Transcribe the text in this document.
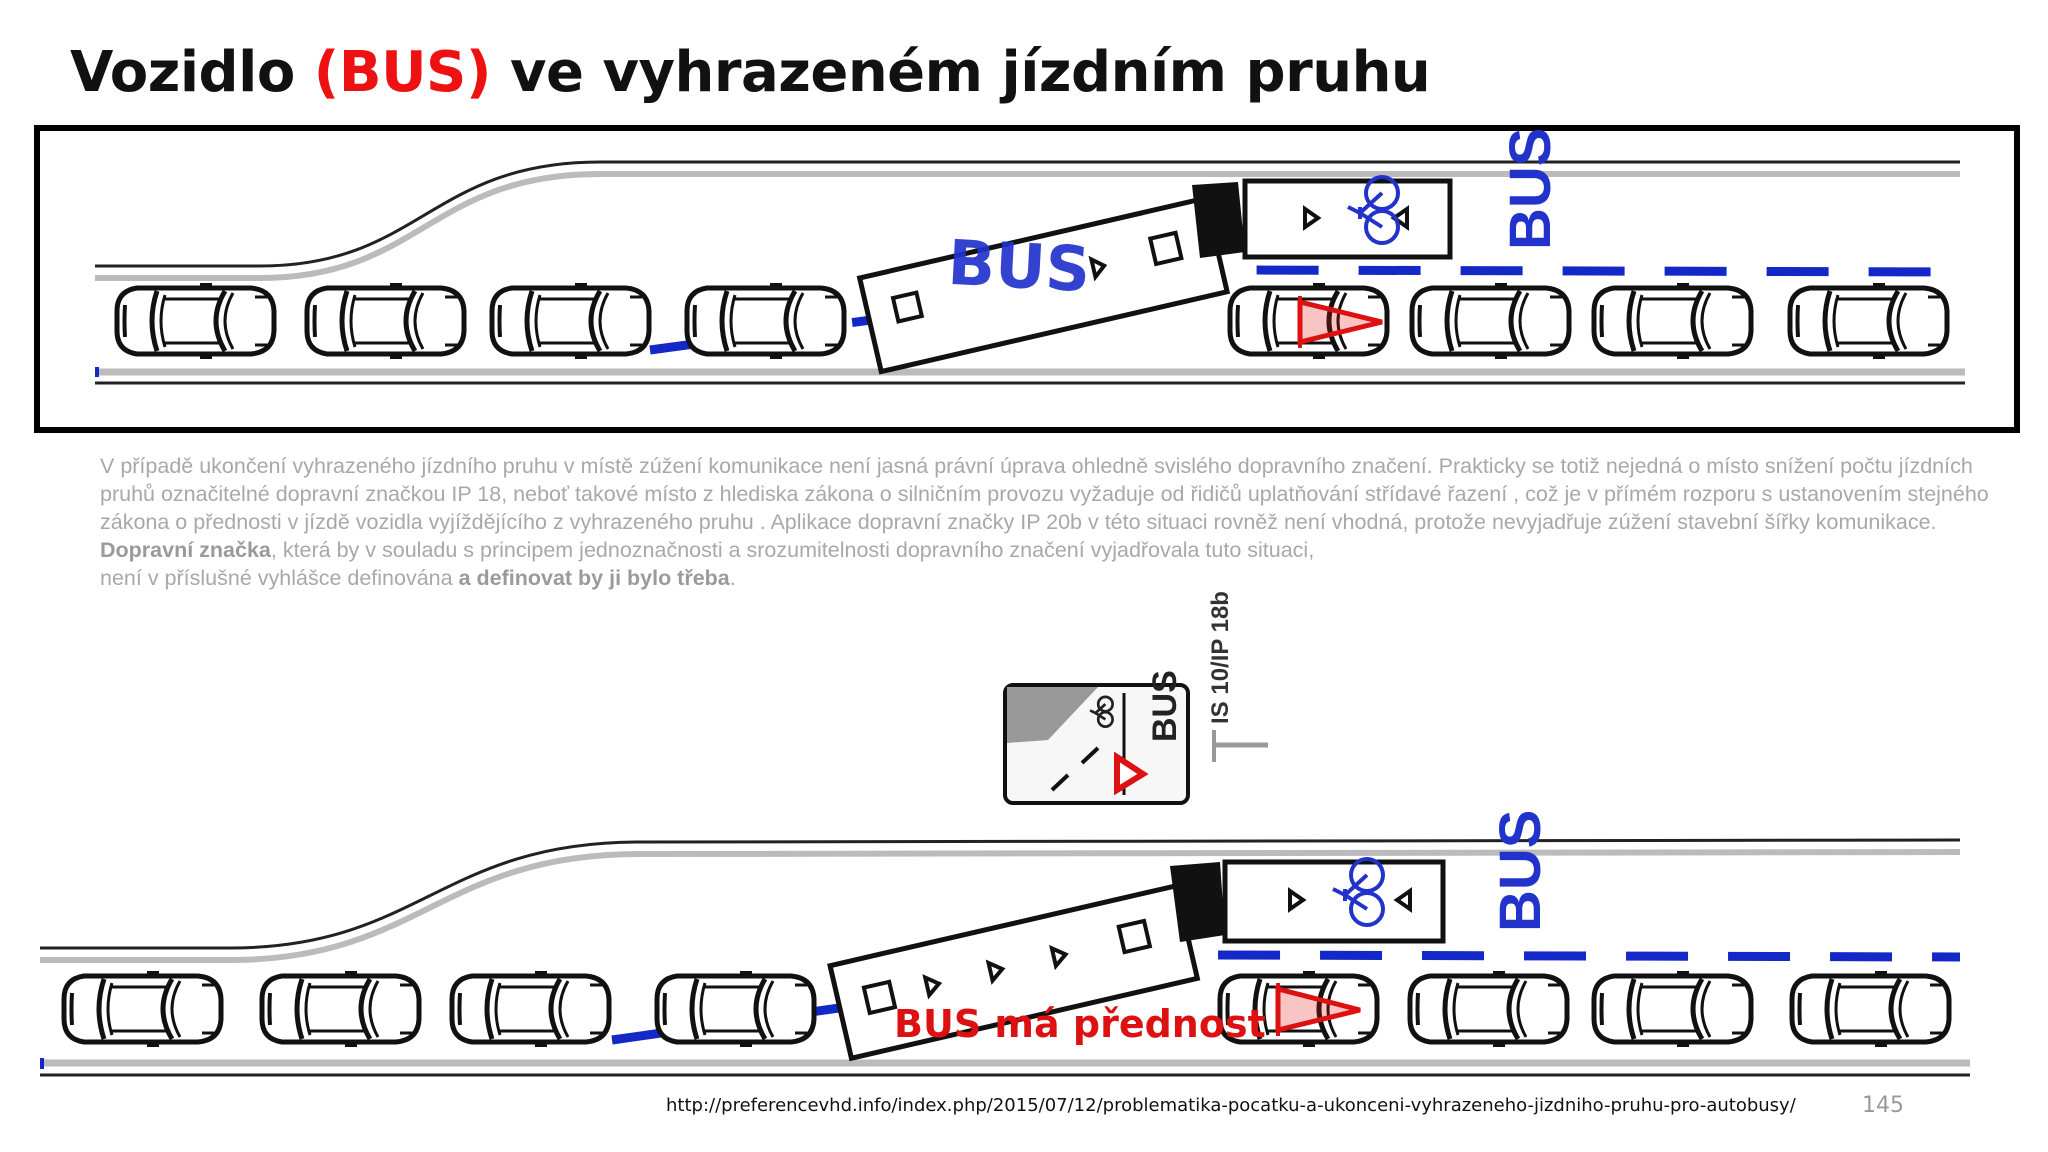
Vozidlo (BUS) ve vyhrazeném jízdním pruhu
BUS
BUS
BUS IS 10/IP 18b
BUS
BUS má přednost

V případě ukončení vyhrazeného jízdního pruhu v místě zúžení komunikace není jasná právní úprava ohledně svislého dopravního značení. Prakticky se totiž nejedná o místo snížení počtu jízdních pruhů označitelné dopravní značkou IP 18, neboť takové místo z hlediska zákona o silničním provozu vyžaduje od řidičů uplatňování střídavé řazení , což je v přímém rozporu s ustanovením stejného zákona o přednosti v jízdě vozidla vyjíždějícího z vyhrazeného pruhu . Aplikace dopravní značky IP 20b v této situaci rovněž není vhodná, protože nevyjadřuje zúžení stavební šířky komunikace.

Dopravní značka, která by v souladu s principem jednoznačnosti a srozumitelnosti dopravního značení vyjadřovala tuto situaci,
není v příslušné vyhlášce definována a definovat by ji bylo třeba.

http://preferencevhd.info/index.php/2015/07/12/problematika-pocatku-a-ukonceni-vyhrazeneho-jizdniho-pruhu-pro-autobusy/	145
